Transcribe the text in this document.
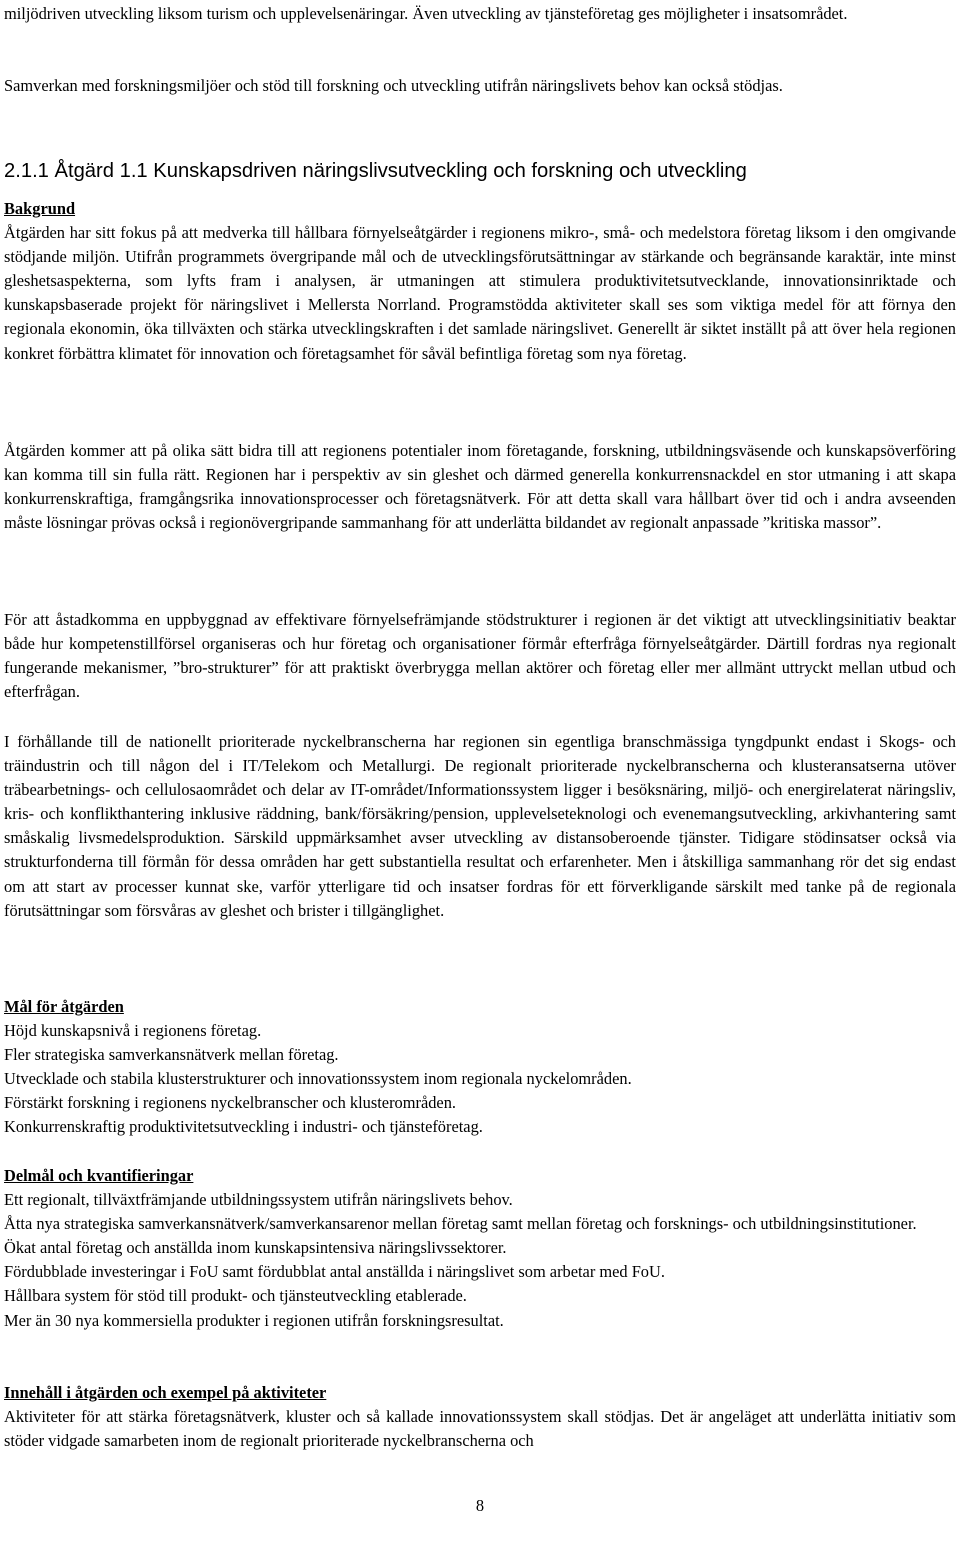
miljödriven utveckling liksom turism och upplevelsenäringar. Även utveckling av tjänsteföretag ges möjligheter i insatsområdet.

Samverkan med forskningsmiljöer och stöd till forskning och utveckling utifrån näringslivets behov kan också stödjas.

2.1.1 Åtgärd 1.1 Kunskapsdriven näringslivsutveckling och forskning och utveckling

Bakgrund

Åtgärden har sitt fokus på att medverka till hållbara förnyelseåtgärder i regionens mikro-, små- och medelstora företag liksom i den omgivande stödjande miljön. Utifrån programmets övergripande mål och de utvecklingsförutsättningar av stärkande och begränsande karaktär, inte minst gleshetsaspekterna, som lyfts fram i analysen, är utmaningen att stimulera produktivitetsutvecklande, innovationsinriktade och kunskapsbaserade projekt för näringslivet i Mellersta Norrland. Programstödda aktiviteter skall ses som viktiga medel för att förnya den regionala ekonomin, öka tillväxten och stärka utvecklingskraften i det samlade näringslivet. Generellt är siktet inställt på att över hela regionen konkret förbättra klimatet för innovation och företagsamhet för såväl befintliga företag som nya företag.

Åtgärden kommer att på olika sätt bidra till att regionens potentialer inom företagande, forskning, utbildningsväsende och kunskapsöverföring kan komma till sin fulla rätt. Regionen har i perspektiv av sin gleshet och därmed generella konkurrensnackdel en stor utmaning i att skapa konkurrenskraftiga, framgångsrika innovationsprocesser och företagsnätverk. För att detta skall vara hållbart över tid och i andra avseenden måste lösningar prövas också i regionövergripande sammanhang för att underlätta bildandet av regionalt anpassade ”kritiska massor”.

För att åstadkomma en uppbyggnad av effektivare förnyelsefrämjande stödstrukturer i regionen är det viktigt att utvecklingsinitiativ beaktar både hur kompetenstillförsel organiseras och hur företag och organisationer förmår efterfråga förnyelseåtgärder. Därtill fordras nya regionalt fungerande mekanismer, ”bro-strukturer” för att praktiskt överbrygga mellan aktörer och företag eller mer allmänt uttryckt mellan utbud och efterfrågan.

I förhållande till de nationellt prioriterade nyckelbranscherna har regionen sin egentliga branschmässiga tyngdpunkt endast i Skogs- och träindustrin och till någon del i IT/Telekom och Metallurgi. De regionalt prioriterade nyckelbranscherna och klusteransatserna utöver träbearbetnings- och cellulosaområdet och delar av IT-området/Informationssystem ligger i besöksnäring, miljö- och energirelaterat näringsliv, kris- och konflikthantering inklusive räddning, bank/försäkring/pension, upplevelseteknologi och evenemangsutveckling, arkivhantering samt småskalig livsmedelsproduktion. Särskild uppmärksamhet avser utveckling av distansoberoende tjänster. Tidigare stödinsatser också via strukturfonderna till förmån för dessa områden har gett substantiella resultat och erfarenheter. Men i åtskilliga sammanhang rör det sig endast om att start av processer kunnat ske, varför ytterligare tid och insatser fordras för ett förverkligande särskilt med tanke på de regionala förutsättningar som försvåras av gleshet och brister i tillgänglighet.

Mål för åtgärden

Höjd kunskapsnivå i regionens företag.
Fler strategiska samverkansnätverk mellan företag.
Utvecklade och stabila klusterstrukturer och innovationssystem inom regionala nyckelområden.
Förstärkt forskning i regionens nyckelbranscher och klusterområden.
Konkurrenskraftig produktivitetsutveckling i industri- och tjänsteföretag.

Delmål och kvantifieringar

Ett regionalt, tillväxtfrämjande utbildningssystem utifrån näringslivets behov.
Åtta nya strategiska samverkansnätverk/samverkansarenor mellan företag samt mellan företag och forsknings- och utbildningsinstitutioner.
Ökat antal företag och anställda inom kunskapsintensiva näringslivssektorer.
Fördubblade investeringar i FoU samt fördubblat antal anställda i näringslivet som arbetar med FoU.
Hållbara system för stöd till produkt- och tjänsteutveckling etablerade.
Mer än 30 nya kommersiella produkter i regionen utifrån forskningsresultat.

Innehåll i åtgärden och exempel på aktiviteter

Aktiviteter för att stärka företagsnätverk, kluster och så kallade innovationssystem skall stödjas. Det är angeläget att underlätta initiativ som stöder vidgade samarbeten inom de regionalt prioriterade nyckelbranscherna och

8
